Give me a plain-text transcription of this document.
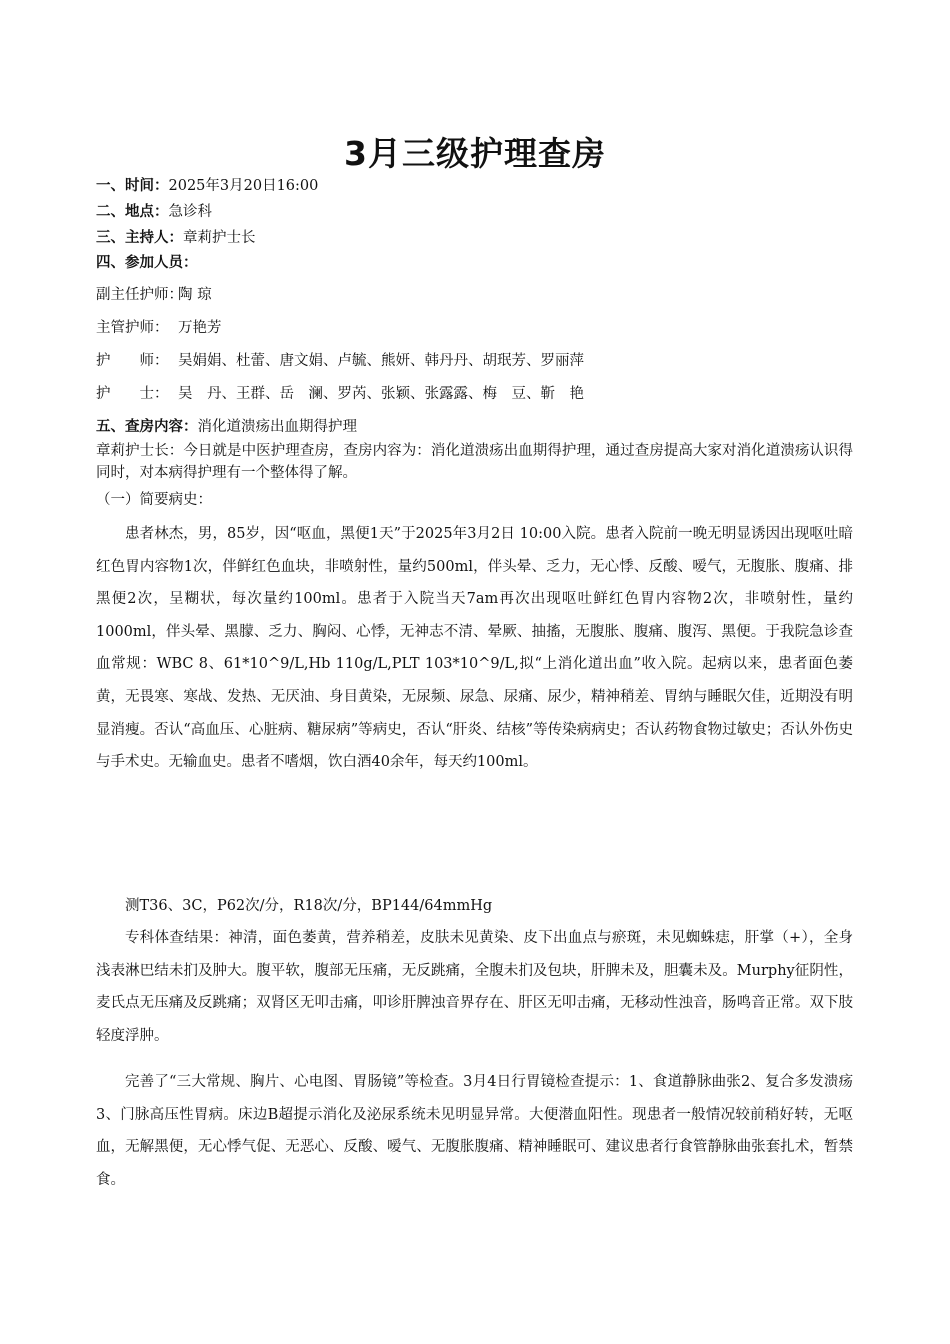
3月三级护理查房
一、时间：2025年3月20日16:00
二、地点：急诊科
三、主持人：章莉护士长
四、参加人员：
副主任护师：陶 琼
主管护师： 万艳芳
护　　师： 吴娟娟、杜蕾、唐文娟、卢毓、熊妍、韩丹丹、胡珉芳、罗丽萍
护　　士： 吴　丹、王群、岳　澜、罗芮、张颖、张露露、梅　豆、靳　艳
五、查房内容：消化道溃疡出血期得护理
章莉护士长：今日就是中医护理查房，查房内容为：消化道溃疡出血期得护理，通过查房提高大家对消化道溃疡认识得同时，对本病得护理有一个整体得了解。
（一）简要病史：
患者林杰，男，85岁，因“呕血，黑便1天”于2025年3月2日 10:00入院。患者入院前一晚无明显诱因出现呕吐暗红色胃内容物1次，伴鲜红色血块，非喷射性，量约500ml，伴头晕、乏力，无心悸、反酸、嗳气，无腹胀、腹痛、排黑便2次，呈糊状，每次量约100ml。患者于入院当天7am再次出现呕吐鲜红色胃内容物2次，非喷射性，量约1000ml，伴头晕、黑朦、乏力、胸闷、心悸，无神志不清、晕厥、抽搐，无腹胀、腹痛、腹泻、黑便。于我院急诊查血常规：WBC 8、61*10^9/L,Hb 110g/L,PLT 103*10^9/L,拟“上消化道出血”收入院。起病以来，患者面色萎黄，无畏寒、寒战、发热、无厌油、身目黄染，无尿频、尿急、尿痛、尿少，精神稍差、胃纳与睡眠欠佳，近期没有明显消瘦。否认“高血压、心脏病、糖尿病”等病史，否认“肝炎、结核”等传染病病史；否认药物食物过敏史；否认外伤史与手术史。无输血史。患者不嗜烟，饮白酒40余年，每天约100ml。
测T36、3C，P62次/分，R18次/分，BP144/64mmHg
专科体查结果：神清，面色萎黄，营养稍差，皮肤未见黄染、皮下出血点与瘀斑，未见蜘蛛痣，肝掌（+），全身浅表淋巴结未扪及肿大。腹平软，腹部无压痛，无反跳痛，全腹未扪及包块，肝脾未及，胆囊未及。Murphy征阴性，麦氏点无压痛及反跳痛；双肾区无叩击痛，叩诊肝脾浊音界存在、肝区无叩击痛，无移动性浊音，肠鸣音正常。双下肢轻度浮肿。
完善了“三大常规、胸片、心电图、胃肠镜”等检查。3月4日行胃镜检查提示：1、食道静脉曲张2、复合多发溃疡3、门脉高压性胃病。床边B超提示消化及泌尿系统未见明显异常。大便潜血阳性。现患者一般情况较前稍好转，无呕血，无解黑便，无心悸气促、无恶心、反酸、嗳气、无腹胀腹痛、精神睡眠可、建议患者行食管静脉曲张套扎术，暂禁食。
